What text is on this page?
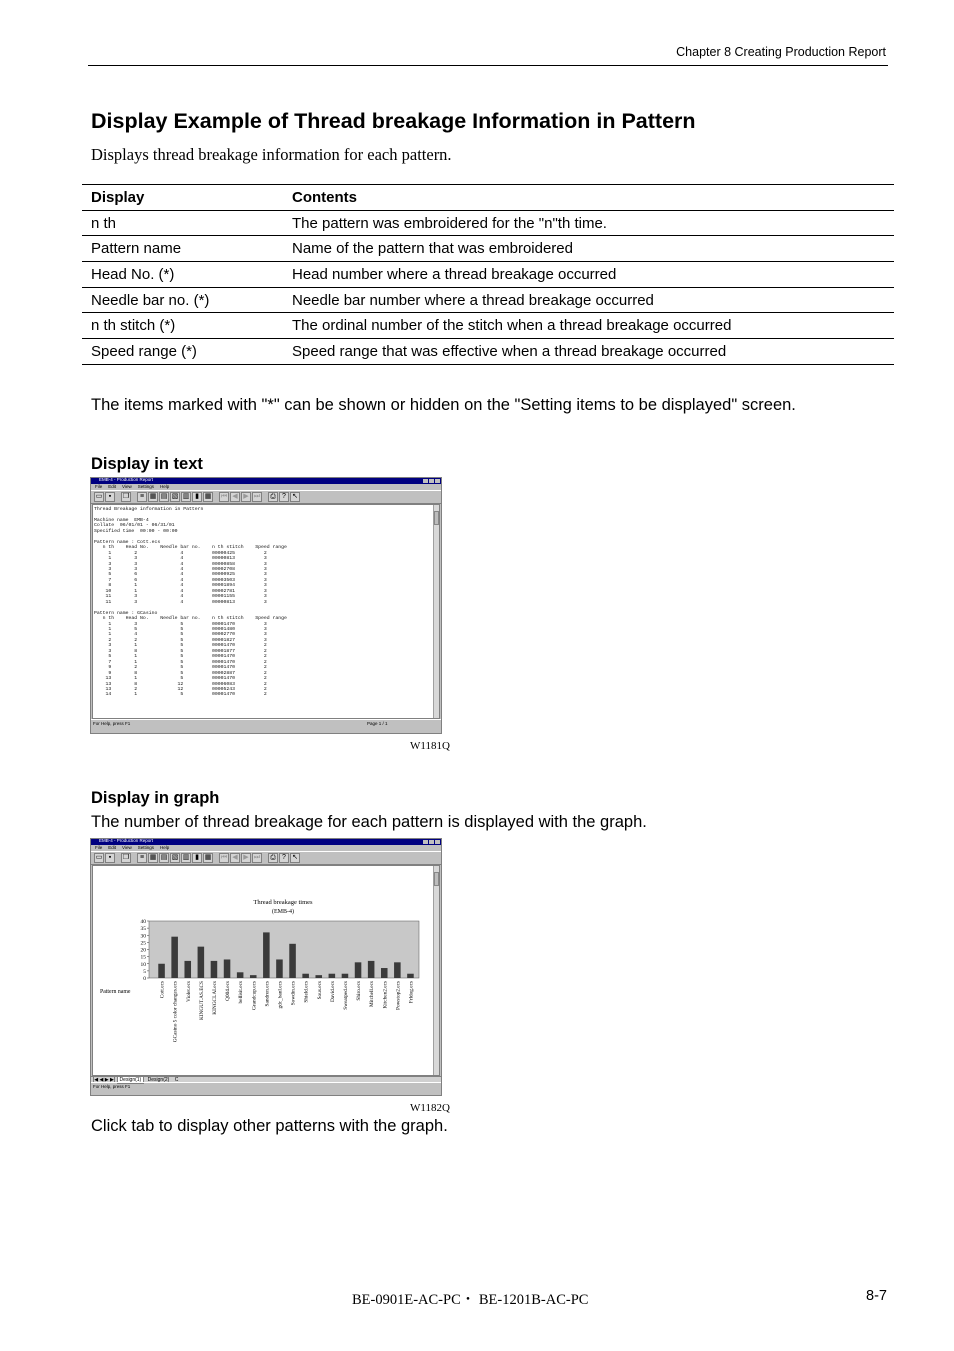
Chapter 8 Creating Production Report
Display Example of Thread breakage Information in Pattern
Displays thread breakage information for each pattern.
Display	Contents
n th	The pattern was embroidered for the "n"th time.
Pattern name	Name of the pattern that was embroidered
Head No. (*)	Head number where a thread breakage occurred
Needle bar no. (*)	Needle bar number where a thread breakage occurred
n th stitch (*)	The ordinal number of the stitch when a thread breakage occurred
Speed range (*)	Speed range that was effective when a thread breakage occurred
The items marked with "*" can be shown or hidden on the "Setting items to be displayed" screen.
Display in text
EMB-4 - Production Report
File Edit View Settings Help
▭ ▪	❐	≡ ▦ ▤ ▧ ▥ ▮ ▦ ⏮ ◀ ▶ ⏭	⎙ ? ↖
Thread Breakage information in Pattern

Machine name  EMB-4
Collate  06/01/01 - 06/31/01
Specified time  00:00 - 00:00

Pattern name : Cott.ecs
n th    Head No.    Needle bar no.    n th stitch    Speed range
1        2               4          00000425          2
1        3               4          00000813          3
3        3               4          00000858          3
3        3               4          00002708          3
5        6               4          00000925          3
7        6               4          00003503          3
8        1               4          00001894          3
10        1               4          00002781          3
11        3               4          00001155          3
11        3               4          00000813          3

Pattern name : GCasino
n th    Head No.    Needle bar no.    n th stitch    Speed range
1        3               5          00001470          3
1        5               5          00001480          3
1        4               5          00002770          3
2        2               5          00001827          3
3        1               5          00001470          2
3        8               5          00001877          2
5        1               5          00001470          2
7        1               5          00001470          2
9        2               5          00001470          2
9        8               5          00002887          2
13        1               5          00001470          2
13        8              12          00006083          2
13        2              12          00005243          2
14        1               5          00001470          2
For Help, press F1	Page 1 / 1
W1181Q
Display in graph
The number of thread breakage for each pattern is displayed with the graph.
EMB-4 - Production Report
File Edit View Settings Help
▭ ▪	❐	≡ ▦ ▤ ▧ ▥ ▮ ▦ ⏮ ◀ ▶ ⏭	⎙ ? ↖
Thread breakage times
(EMB-4)
0
5
10
15
20
25
30
35
40
Cott.ecs GCasino 5 color changes.ecs Violet.ecs KINGUT.AS.ECS KINGCLAI.ecs Q004.ecs bellisit.ecs Grandcup.ecs Sandren.ecs gdc_banl.ecs Sowdin.ecs Shield.ecs Sous.ecs David.ecs Sweatped.ecs Shiro.ecs Mitchell.ecs Kitchen2.ecs Powstop2.ecs Frldog.ecs
Pattern name
|◀ ◀ ▶ ▶| Design(1) Design(2) C
For Help, press F1
W1182Q
Click tab to display other patterns with the graph.
BE-0901E-AC-PC・ BE-1201B-AC-PC	8-7
